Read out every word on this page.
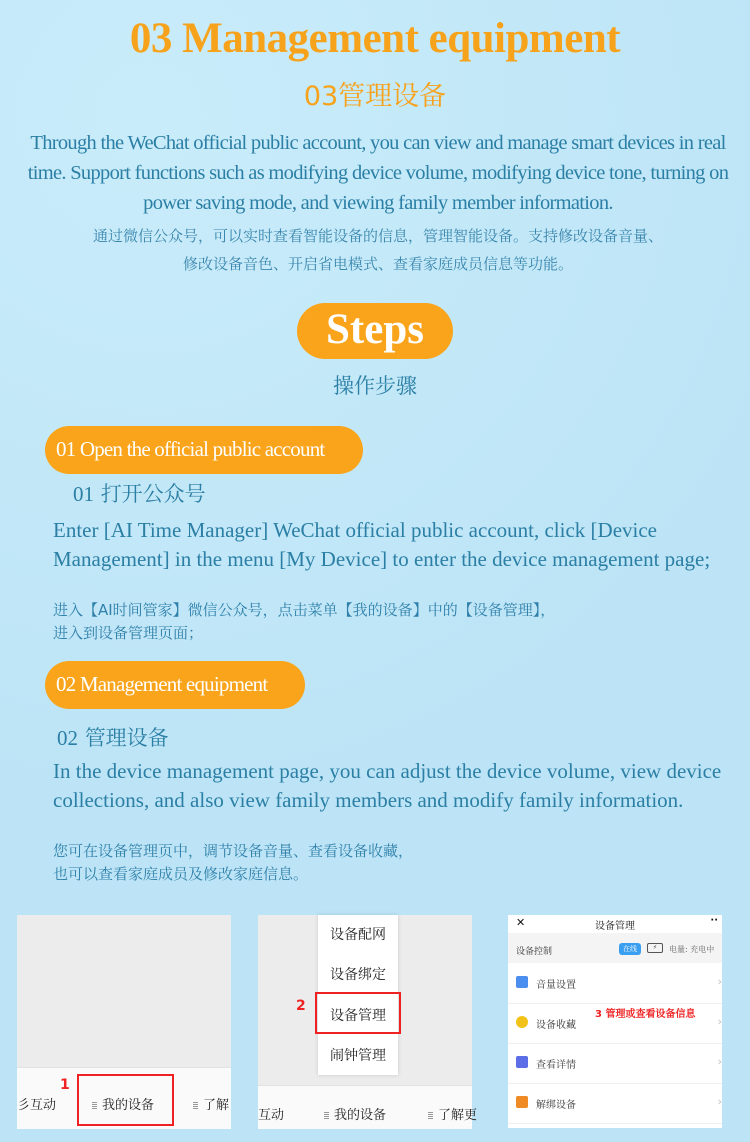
03 Management equipment
03管理设备
Through the WeChat official public account, you can view and manage smart devices in real time. Support functions such as modifying device volume, modifying device tone, turning on power saving mode, and viewing family member information.
通过微信公众号，可以实时查看智能设备的信息，管理智能设备。支持修改设备音量、
修改设备音色、开启省电模式、查看家庭成员信息等功能。
Steps
操作步骤
01 Open the official public account
01 打开公众号
Enter [AI Time Manager] WeChat official public account, click [Device Management] in the menu [My Device] to enter the device management page;
进入【AI时间管家】微信公众号，点击菜单【我的设备】中的【设备管理】，
进入到设备管理页面；
02 Management equipment
02 管理设备
In the device management page, you can adjust the device volume, view device collections, and also view family members and modify family information.
您可在设备管理页中，调节设备音量、查看设备收藏，
也可以查看家庭成员及修改家庭信息。
彡互动	我的设备	了解
1
设备配网
设备绑定
设备管理
闹钟管理
2
互动	我的设备	了解更
✕	设备管理
··
设备控制	在线	⚡	电量: 充电中
音量设置	›
设备收藏	›
查看详情	›
解绑设备	›
3 管理或查看设备信息
